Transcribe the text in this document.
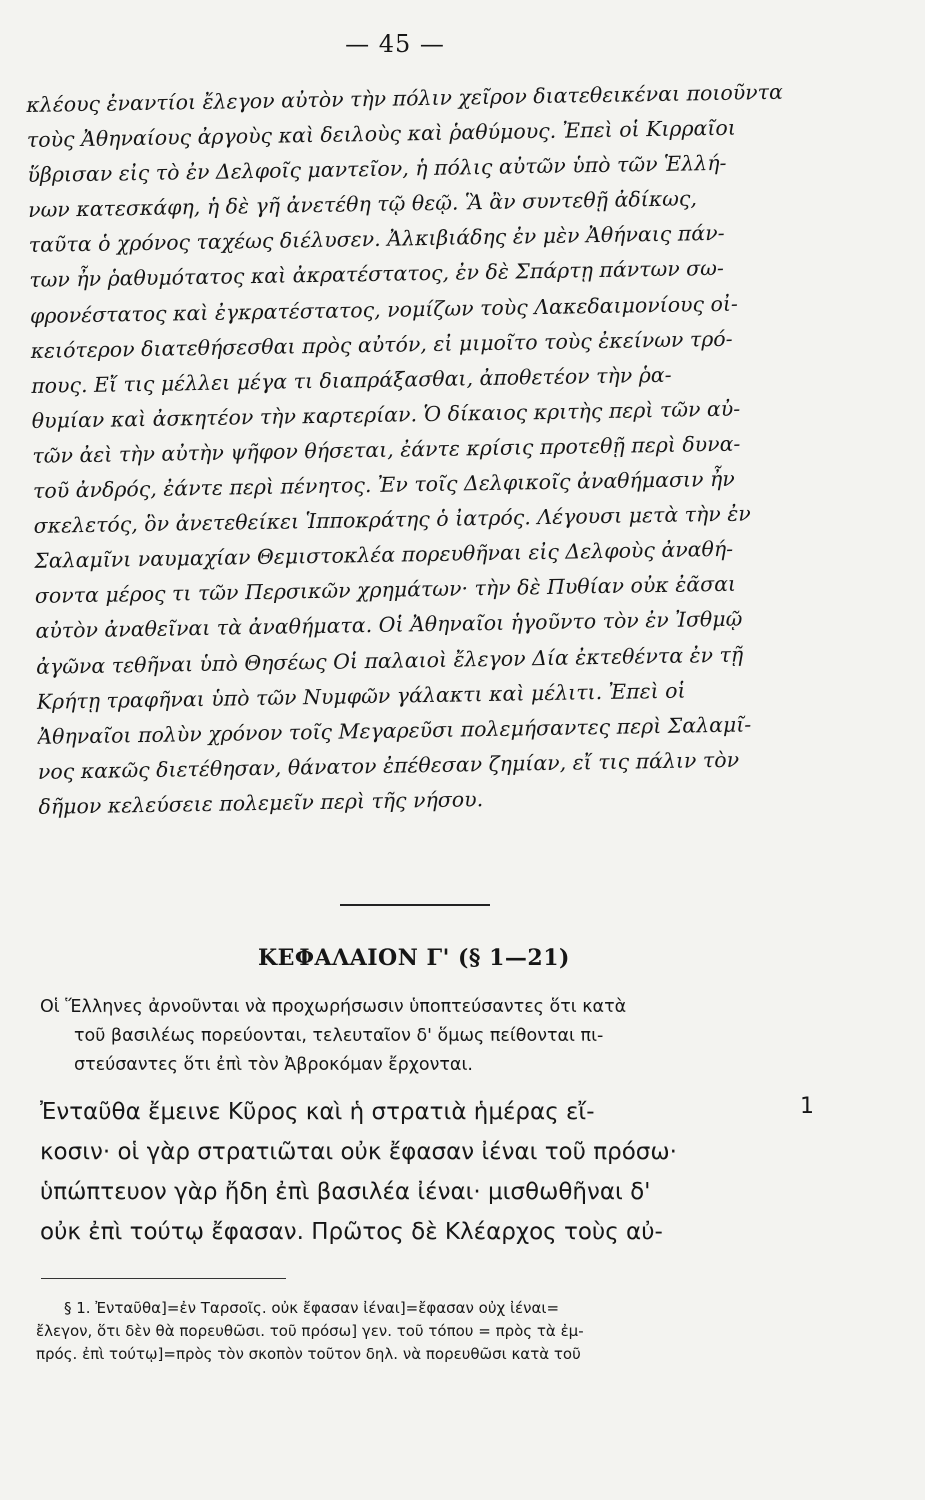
— 45 —
κλέους ἐναντίοι ἔλεγον αὐτὸν τὴν πόλιν χεῖρον διατεθεικέναι ποιοῦντα
τοὺς Ἀθηναίους ἀργοὺς καὶ δειλοὺς καὶ ῥαθύμους. Ἐπεὶ οἱ Κιρραῖοι
ὕβρισαν εἰς τὸ ἐν Δελφοῖς μαντεῖον, ἡ πόλις αὐτῶν ὑπὸ τῶν Ἑλλή-
νων κατεσκάφη, ἡ δὲ γῆ ἀνετέθη τῷ θεῷ. Ἃ ἂν συντεθῇ ἀδίκως,
ταῦτα ὁ χρόνος ταχέως διέλυσεν. Ἀλκιβιάδης ἐν μὲν Ἀθήναις πάν-
των ἦν ῥαθυμότατος καὶ ἀκρατέστατος, ἐν δὲ Σπάρτῃ πάντων σω-
φρονέστατος καὶ ἐγκρατέστατος, νομίζων τοὺς Λακεδαιμονίους οἰ-
κειότερον διατεθήσεσθαι πρὸς αὐτόν, εἰ μιμοῖτο τοὺς ἐκείνων τρό-
πους. Εἴ τις μέλλει μέγα τι διαπράξασθαι, ἀποθετέον τὴν ῥα-
θυμίαν καὶ ἀσκητέον τὴν καρτερίαν. Ὁ δίκαιος κριτὴς περὶ τῶν αὐ-
τῶν ἀεὶ τὴν αὐτὴν ψῆφον θήσεται, ἐάντε κρίσις προτεθῇ περὶ δυνα-
τοῦ ἀνδρός, ἐάντε περὶ πένητος. Ἐν τοῖς Δελφικοῖς ἀναθήμασιν ἦν
σκελετός, ὃν ἀνετεθείκει Ἱπποκράτης ὁ ἰατρός. Λέγουσι μετὰ τὴν ἐν
Σαλαμῖνι ναυμαχίαν Θεμιστοκλέα πορευθῆναι εἰς Δελφοὺς ἀναθή-
σοντα μέρος τι τῶν Περσικῶν χρημάτων· τὴν δὲ Πυθίαν οὐκ ἐᾶσαι
αὐτὸν ἀναθεῖναι τὰ ἀναθήματα. Οἱ Ἀθηναῖοι ἡγοῦντο τὸν ἐν Ἰσθμῷ
ἀγῶνα τεθῆναι ὑπὸ Θησέως Οἱ παλαιοὶ ἔλεγον Δία ἐκτεθέντα ἐν τῇ
Κρήτῃ τραφῆναι ὑπὸ τῶν Νυμφῶν γάλακτι καὶ μέλιτι. Ἐπεὶ οἱ
Ἀθηναῖοι πολὺν χρόνον τοῖς Μεγαρεῦσι πολεμήσαντες περὶ Σαλαμῖ-
νος κακῶς διετέθησαν, θάνατον ἐπέθεσαν ζημίαν, εἴ τις πάλιν τὸν
δῆμον κελεύσειε πολεμεῖν περὶ τῆς νήσου.
ΚΕΦΑΛΑΙΟΝ Γ' (§ 1—21)
Οἱ Ἕλληνες ἀρνοῦνται νὰ προχωρήσωσιν ὑποπτεύσαντες ὅτι κατὰ
τοῦ βασιλέως πορεύονται, τελευταῖον δ' ὅμως πείθονται πι-
στεύσαντες ὅτι ἐπὶ τὸν Ἀβροκόμαν ἔρχονται.
Ἐνταῦθα ἔμεινε Κῦρος καὶ ἡ στρατιὰ ἡμέρας εἴ-
κοσιν· οἱ γὰρ στρατιῶται οὐκ ἔφασαν ἰέναι τοῦ πρόσω·
ὑπώπτευον γὰρ ἤδη ἐπὶ βασιλέα ἰέναι· μισθωθῆναι δ'
οὐκ ἐπὶ τούτῳ ἔφασαν. Πρῶτος δὲ Κλέαρχος τοὺς αὐ-
1
§ 1. Ἐνταῦθα]=ἐν Ταρσοῖς. οὐκ ἔφασαν ἰέναι]=ἔφασαν οὐχ ἰέναι=
ἔλεγον, ὅτι δὲν θὰ πορευθῶσι. τοῦ πρόσω] γεν. τοῦ τόπου = πρὸς τὰ ἐμ-
πρός. ἐπὶ τούτῳ]=πρὸς τὸν σκοπὸν τοῦτον δηλ. νὰ πορευθῶσι κατὰ τοῦ
